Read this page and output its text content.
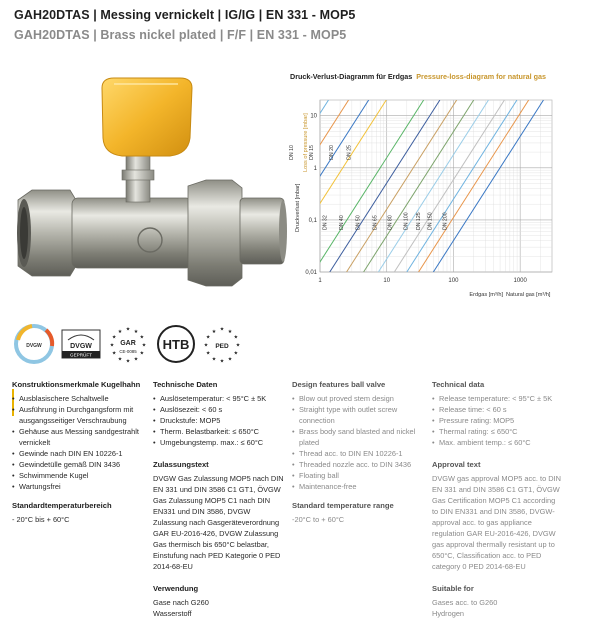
GAH20DTAS | Messing vernickelt | IG/IG | EN 331 - MOP5
GAH20DTAS | Brass nickel plated | F/F | EN 331 - MOP5
Druck-Verlust-Diagramm für Erdgas Pressure-loss-diagram for natural gas
DN 10	DN 15	DN 20 DN 25
DN 32 DN 40 DN 50 DN 65 DN 80 DN 100 DN 125 DN 150 DN 200
1	10	100	1000
10
1
0,1
0,01
Druckverlust [mbar]
Loss of pressure [mbar]
Erdgas [m³/h] Natural gas [m³/h]
DVGW	DVGW
GEPRÜFT
GAR
CE-0085
★ ★
★
★
★
★
★
★
★
★
★
★
HTB	PED
★ ★
★
★
★
★
★
★
★
★
★
★
Konstruktionsmerkmale Kugelhahn
• Ausblasischere Schaltwelle
• Ausführung in Durchgangsform mit ausgangsseitiger Verschraubung
• Gehäuse aus Messing sandgestrahlt vernickelt
• Gewinde nach DIN EN 10226-1
• Gewindetülle gemäß DIN 3436
• Schwimmende Kugel
• Wartungsfrei
Standardtemperaturbereich

- 20°C bis + 60°C

Technische Daten
• Auslösetemperatur: < 95°C ± 5K
• Auslösezeit: < 60 s
• Druckstufe: MOP5
• Therm. Belastbarkeit: ≤ 650°C
• Umgebungstemp. max.: ≤ 60°C
Zulassungstext

DVGW Gas Zulassung MOP5 nach DIN EN 331 und DIN 3586 C1 GT1, ÖVGW Gas Zulassung MOP5 C1 nach DIN EN331 und DIN 3586, DVGW Zulassung nach Gasgeräteverordnung GAR EU-2016-426, DVGW Zulassung Gas thermisch bis 650°C belastbar, Einstufung nach PED Kategorie 0 PED 2014-68-EU

Verwendung
Gase nach G260
Wasserstoff
Design features ball valve
• Blow out proved stem design
• Straight type with outlet screw connection
• Brass body sand blasted and nickel plated
• Thread acc. to DIN EN 10226-1
• Threaded nozzle acc. to DIN 3436
• Floating ball
• Maintenance-free
Standard temperature range

-20°C to + 60°C

Technical data
• Release temperature: < 95°C ± 5K
• Release time: < 60 s
• Pressure rating: MOP5
• Thermal rating: ≤ 650°C
• Max. ambient temp.: ≤ 60°C
Approval text

DVGW gas approval MOP5 acc. to DIN EN 331 and DIN 3586 C1 GT1, ÖVGW Gas Certification MOP5 C1 according to DIN EN331 and DIN 3586, DVGW-approval acc. to gas appliance regulation GAR EU-2016-426, DVGW gas approval thermally resistant up to 650°C, Classification acc. to PED category 0 PED 2014-68-EU

Suitable for
Gases acc. to G260
Hydrogen
